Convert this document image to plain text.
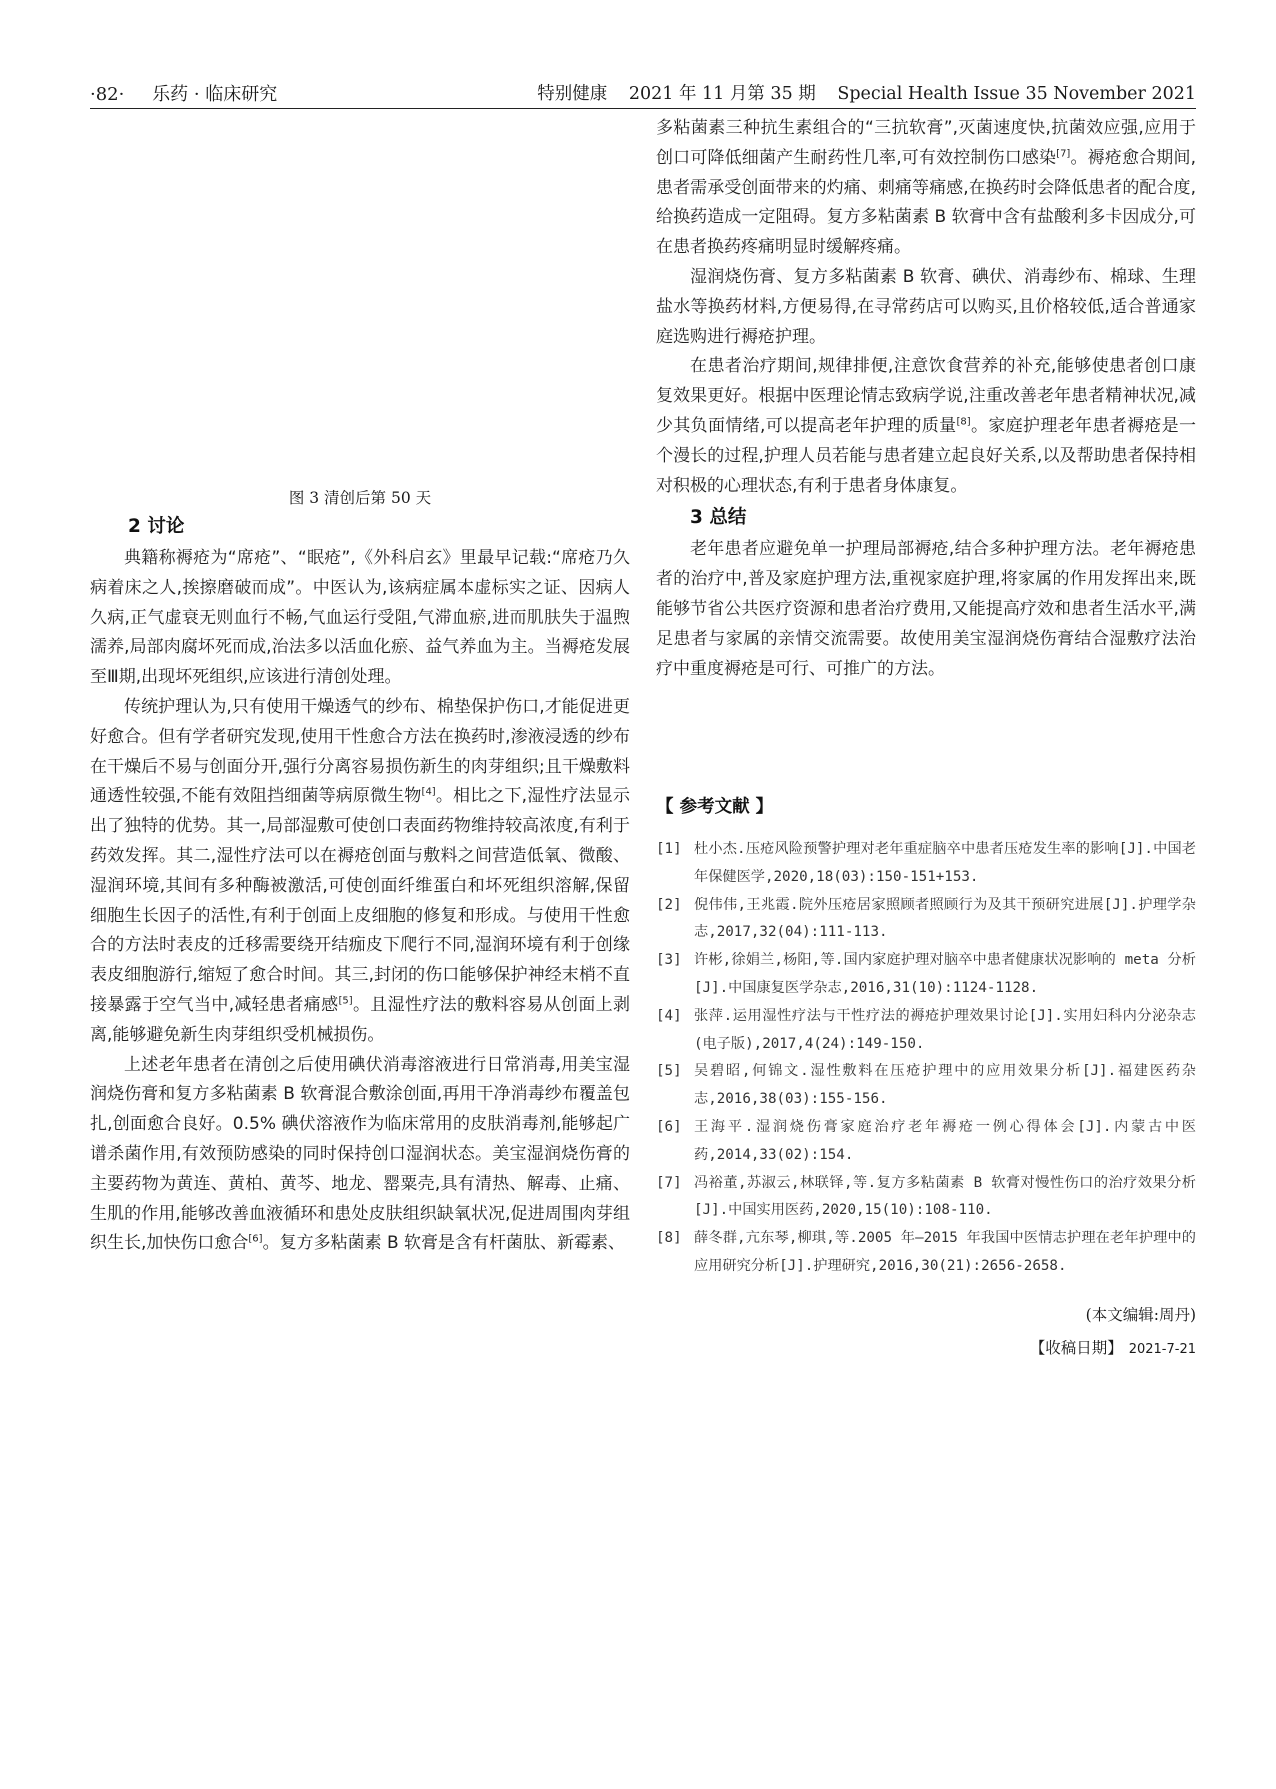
·82· 乐药 · 临床研究	特别健康 2021 年 11 月第 35 期 Special Health Issue 35 November 2021
图 3 清创后第 50 天
2 讨论

典籍称褥疮为“席疮”、“眠疮”,《外科启玄》里最早记载:“席疮乃久病着床之人,挨擦磨破而成”。中医认为,该病症属本虚标实之证、因病人久病,正气虚衰无则血行不畅,气血运行受阻,气滞血瘀,进而肌肤失于温煦濡养,局部肉腐坏死而成,治法多以活血化瘀、益气养血为主。当褥疮发展至Ⅲ期,出现坏死组织,应该进行清创处理。

传统护理认为,只有使用干燥透气的纱布、棉垫保护伤口,才能促进更好愈合。但有学者研究发现,使用干性愈合方法在换药时,渗液浸透的纱布在干燥后不易与创面分开,强行分离容易损伤新生的肉芽组织;且干燥敷料通透性较强,不能有效阻挡细菌等病原微生物[4]。相比之下,湿性疗法显示出了独特的优势。其一,局部湿敷可使创口表面药物维持较高浓度,有利于药效发挥。其二,湿性疗法可以在褥疮创面与敷料之间营造低氧、微酸、湿润环境,其间有多种酶被激活,可使创面纤维蛋白和坏死组织溶解,保留细胞生长因子的活性,有利于创面上皮细胞的修复和形成。与使用干性愈合的方法时表皮的迁移需要绕开结痂皮下爬行不同,湿润环境有利于创缘表皮细胞游行,缩短了愈合时间。其三,封闭的伤口能够保护神经末梢不直接暴露于空气当中,减轻患者痛感[5]。且湿性疗法的敷料容易从创面上剥离,能够避免新生肉芽组织受机械损伤。

上述老年患者在清创之后使用碘伏消毒溶液进行日常消毒,用美宝湿润烧伤膏和复方多粘菌素 B 软膏混合敷涂创面,再用干净消毒纱布覆盖包扎,创面愈合良好。0.5% 碘伏溶液作为临床常用的皮肤消毒剂,能够起广谱杀菌作用,有效预防感染的同时保持创口湿润状态。美宝湿润烧伤膏的主要药物为黄连、黄柏、黄芩、地龙、罂粟壳,具有清热、解毒、止痛、生肌的作用,能够改善血液循环和患处皮肤组织缺氧状况,促进周围肉芽组织生长,加快伤口愈合[6]。复方多粘菌素 B 软膏是含有杆菌肽、新霉素、

多粘菌素三种抗生素组合的“三抗软膏”,灭菌速度快,抗菌效应强,应用于创口可降低细菌产生耐药性几率,可有效控制伤口感染[7]。褥疮愈合期间,患者需承受创面带来的灼痛、刺痛等痛感,在换药时会降低患者的配合度,给换药造成一定阻碍。复方多粘菌素 B 软膏中含有盐酸利多卡因成分,可在患者换药疼痛明显时缓解疼痛。

湿润烧伤膏、复方多粘菌素 B 软膏、碘伏、消毒纱布、棉球、生理盐水等换药材料,方便易得,在寻常药店可以购买,且价格较低,适合普通家庭选购进行褥疮护理。

在患者治疗期间,规律排便,注意饮食营养的补充,能够使患者创口康复效果更好。根据中医理论情志致病学说,注重改善老年患者精神状况,减少其负面情绪,可以提高老年护理的质量[8]。家庭护理老年患者褥疮是一个漫长的过程,护理人员若能与患者建立起良好关系,以及帮助患者保持相对积极的心理状态,有利于患者身体康复。

3 总结

老年患者应避免单一护理局部褥疮,结合多种护理方法。老年褥疮患者的治疗中,普及家庭护理方法,重视家庭护理,将家属的作用发挥出来,既能够节省公共医疗资源和患者治疗费用,又能提高疗效和患者生活水平,满足患者与家属的亲情交流需要。故使用美宝湿润烧伤膏结合湿敷疗法治疗中重度褥疮是可行、可推广的方法。

【 参考文献 】
[1] 杜小杰.压疮风险预警护理对老年重症脑卒中患者压疮发生率的影响[J].中国老年保健医学,2020,18(03):150-151+153.
[2] 倪伟伟,王兆霞.院外压疮居家照顾者照顾行为及其干预研究进展[J].护理学杂志,2017,32(04):111-113.
[3] 许彬,徐娟兰,杨阳,等.国内家庭护理对脑卒中患者健康状况影响的 meta 分析[J].中国康复医学杂志,2016,31(10):1124-1128.
[4] 张萍.运用湿性疗法与干性疗法的褥疮护理效果讨论[J].实用妇科内分泌杂志(电子版),2017,4(24):149-150.
[5] 吴碧昭,何锦文.湿性敷料在压疮护理中的应用效果分析[J].福建医药杂志,2016,38(03):155-156.
[6] 王海平.湿润烧伤膏家庭治疗老年褥疮一例心得体会[J].内蒙古中医药,2014,33(02):154.
[7] 冯裕董,苏淑云,林联铎,等.复方多粘菌素 B 软膏对慢性伤口的治疗效果分析[J].中国实用医药,2020,15(10):108-110.
[8] 薛冬群,亢东琴,柳琪,等.2005 年—2015 年我国中医情志护理在老年护理中的应用研究分析[J].护理研究,2016,30(21):2656-2658.
(本文编辑:周丹)
【收稿日期】 2021-7-21
